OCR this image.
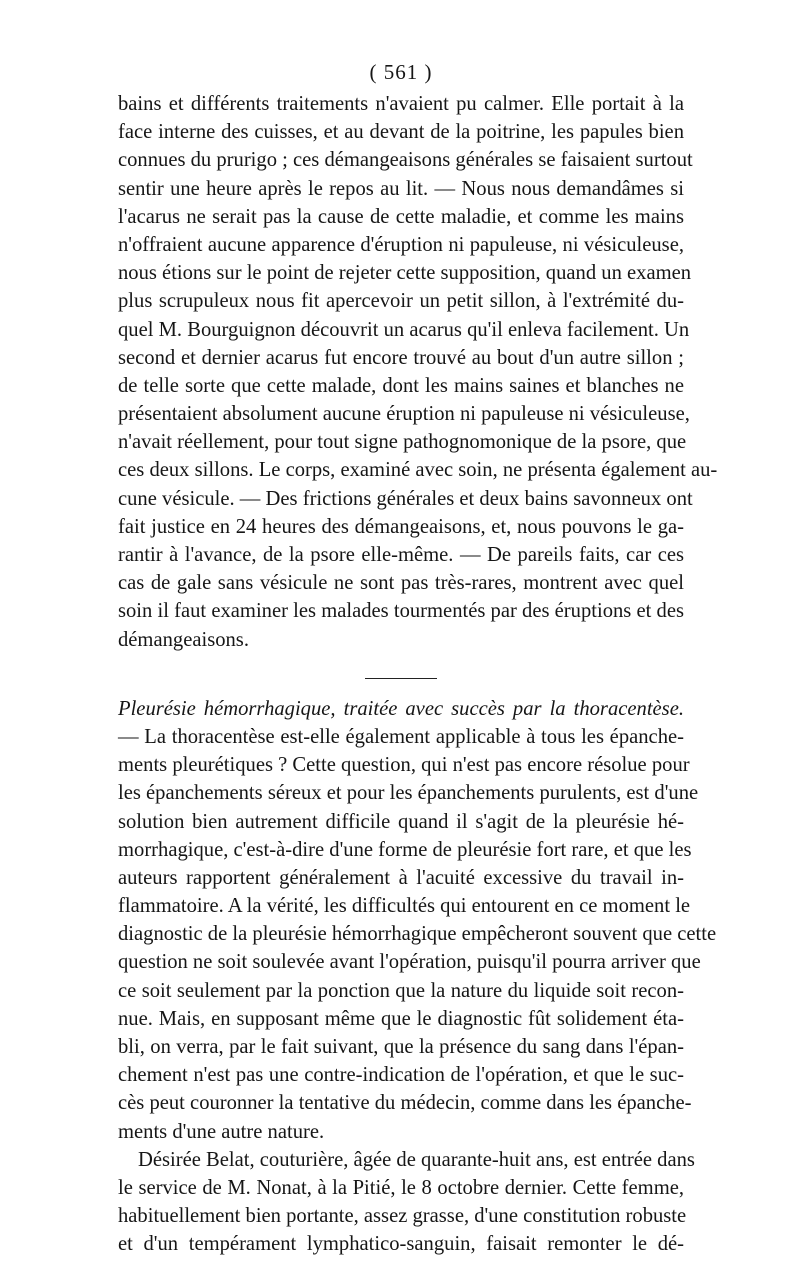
( 561 )
bains et différents traitements n'avaient pu calmer. Elle portait à la
face interne des cuisses, et au devant de la poitrine, les papules bien
connues du prurigo ; ces démangeaisons générales se faisaient surtout
sentir une heure après le repos au lit. — Nous nous demandâmes si
l'acarus ne serait pas la cause de cette maladie, et comme les mains
n'offraient aucune apparence d'éruption ni papuleuse, ni vésiculeuse,
nous étions sur le point de rejeter cette supposition, quand un examen
plus scrupuleux nous fit apercevoir un petit sillon, à l'extrémité du-
quel M. Bourguignon découvrit un acarus qu'il enleva facilement. Un
second et dernier acarus fut encore trouvé au bout d'un autre sillon ;
de telle sorte que cette malade, dont les mains saines et blanches ne
présentaient absolument aucune éruption ni papuleuse ni vésiculeuse,
n'avait réellement, pour tout signe pathognomonique de la psore, que
ces deux sillons. Le corps, examiné avec soin, ne présenta également au-
cune vésicule. — Des frictions générales et deux bains savonneux ont
fait justice en 24 heures des démangeaisons, et, nous pouvons le ga-
rantir à l'avance, de la psore elle-même. — De pareils faits, car ces
cas de gale sans vésicule ne sont pas très-rares, montrent avec quel
soin il faut examiner les malades tourmentés par des éruptions et des
démangeaisons.
Pleurésie hémorrhagique, traitée avec succès par la thoracentèse.
— La thoracentèse est-elle également applicable à tous les épanche-
ments pleurétiques ? Cette question, qui n'est pas encore résolue pour
les épanchements séreux et pour les épanchements purulents, est d'une
solution bien autrement difficile quand il s'agit de la pleurésie hé-
morrhagique, c'est-à-dire d'une forme de pleurésie fort rare, et que les
auteurs rapportent généralement à l'acuité excessive du travail in-
flammatoire. A la vérité, les difficultés qui entourent en ce moment le
diagnostic de la pleurésie hémorrhagique empêcheront souvent que cette
question ne soit soulevée avant l'opération, puisqu'il pourra arriver que
ce soit seulement par la ponction que la nature du liquide soit recon-
nue. Mais, en supposant même que le diagnostic fût solidement éta-
bli, on verra, par le fait suivant, que la présence du sang dans l'épan-
chement n'est pas une contre-indication de l'opération, et que le suc-
cès peut couronner la tentative du médecin, comme dans les épanche-
ments d'une autre nature.
Désirée Belat, couturière, âgée de quarante-huit ans, est entrée dans
le service de M. Nonat, à la Pitié, le 8 octobre dernier. Cette femme,
habituellement bien portante, assez grasse, d'une constitution robuste
et d'un tempérament lymphatico-sanguin, faisait remonter le dé-
